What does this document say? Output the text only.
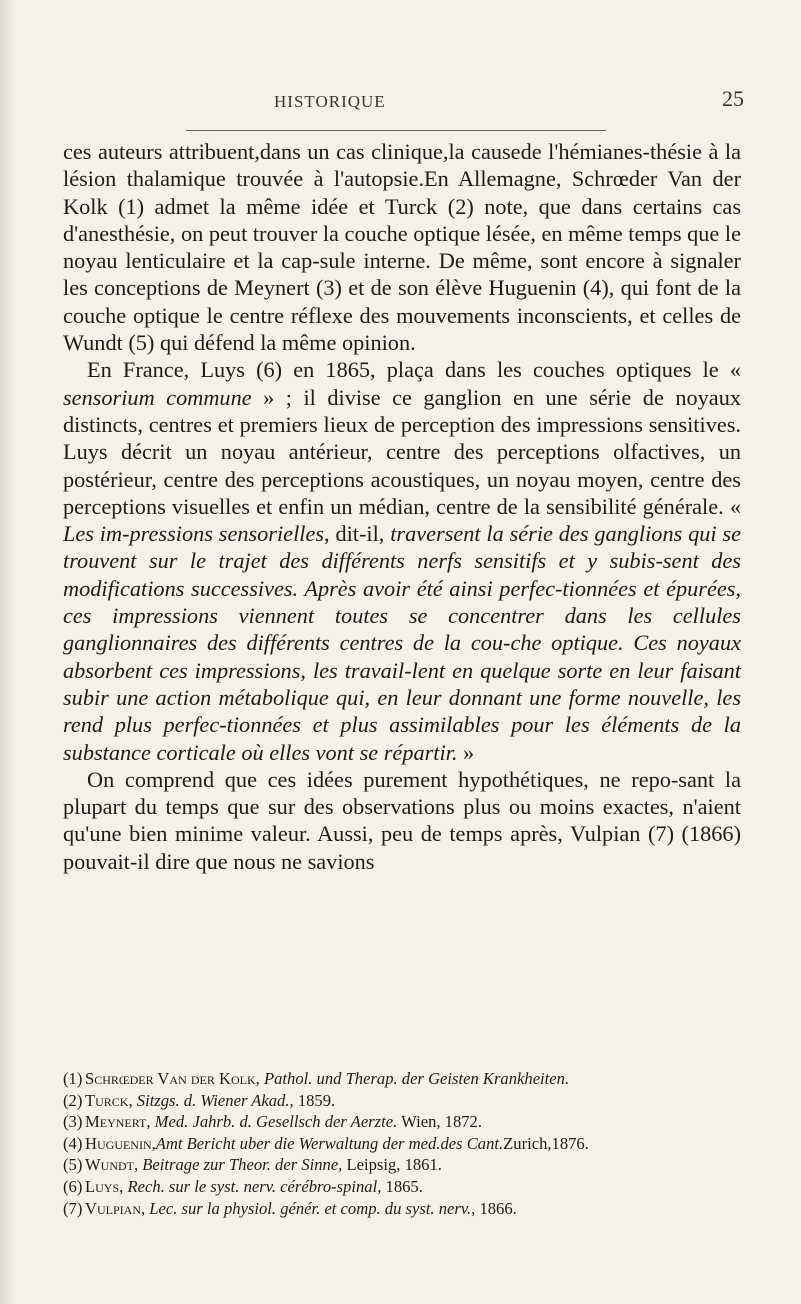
HISTORIQUE	25

ces auteurs attribuent,dans un cas clinique,la causede l'hémianes-thésie à la lésion thalamique trouvée à l'autopsie.En Allemagne, Schrœder Van der Kolk (1) admet la même idée et Turck (2) note, que dans certains cas d'anesthésie, on peut trouver la couche optique lésée, en même temps que le noyau lenticulaire et la cap-sule interne. De même, sont encore à signaler les conceptions de Meynert (3) et de son élève Huguenin (4), qui font de la couche optique le centre réflexe des mouvements inconscients, et celles de Wundt (5) qui défend la même opinion.

En France, Luys (6) en 1865, plaça dans les couches optiques le « sensorium commune » ; il divise ce ganglion en une série de noyaux distincts, centres et premiers lieux de perception des impressions sensitives. Luys décrit un noyau antérieur, centre des perceptions olfactives, un postérieur, centre des perceptions acoustiques, un noyau moyen, centre des perceptions visuelles et enfin un médian, centre de la sensibilité générale. « Les im-pressions sensorielles, dit-il, traversent la série des ganglions qui se trouvent sur le trajet des différents nerfs sensitifs et y subis-sent des modifications successives. Après avoir été ainsi perfec-tionnées et épurées, ces impressions viennent toutes se concentrer dans les cellules ganglionnaires des différents centres de la cou-che optique. Ces noyaux absorbent ces impressions, les travail-lent en quelque sorte en leur faisant subir une action métabolique qui, en leur donnant une forme nouvelle, les rend plus perfec-tionnées et plus assimilables pour les éléments de la substance corticale où elles vont se répartir. »

On comprend que ces idées purement hypothétiques, ne repo-sant la plupart du temps que sur des observations plus ou moins exactes, n'aient qu'une bien minime valeur. Aussi, peu de temps après, Vulpian (7) (1866) pouvait-il dire que nous ne savions

(1) Schrœder Van der Kolk, Pathol. und Therap. der Geisten Krankheiten.
(2) Turck, Sitzgs. d. Wiener Akad., 1859.
(3) Meynert, Med. Jahrb. d. Gesellsch der Aerzte. Wien, 1872.
(4) Huguenin,Amt Bericht uber die Werwaltung der med.des Cant.Zurich,1876.
(5) Wundt, Beitrage zur Theor. der Sinne, Leipsig, 1861.
(6) Luys, Rech. sur le syst. nerv. cérébro-spinal, 1865.
(7) Vulpian, Lec. sur la physiol. génér. et comp. du syst. nerv., 1866.
